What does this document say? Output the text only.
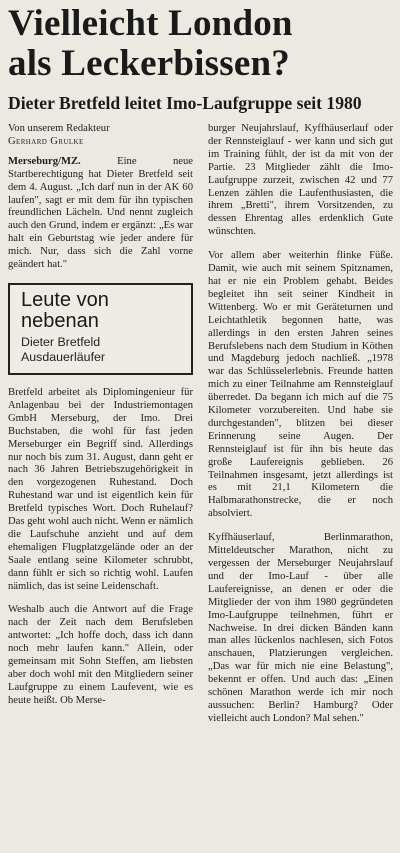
Vielleicht London
als Leckerbissen?
Dieter Bretfeld leitet Imo-Laufgruppe seit 1980
Von unserem Redakteur
Gerhard Grulke

Merseburg/MZ. Eine neue Startberechtigung hat Dieter Bretfeld seit dem 4. August. „Ich darf nun in der AK 60 laufen", sagt er mit dem für ihn typischen freundlichen Lächeln. Und nennt zugleich auch den Grund, indem er ergänzt: „Es war halt ein Geburtstag wie jeder andere für mich. Nur, dass sich die Zahl vorne geändert hat."

Leute von
nebenan
Dieter Bretfeld
Ausdauerläufer

Bretfeld arbeitet als Diplomingenieur für Anlagenbau bei der Industriemontagen GmbH Merseburg, der Imo. Drei Buchstaben, die wohl für fast jeden Merseburger ein Begriff sind. Allerdings nur noch bis zum 31. August, dann geht er nach 36 Jahren Betriebszugehörigkeit in den vorgezogenen Ruhestand. Doch Ruhestand war und ist eigentlich kein für Bretfeld typisches Wort. Doch Ruhelauf? Das geht wohl auch nicht. Wenn er nämlich die Laufschuhe anzieht und auf dem ehemaligen Flugplatzgelände oder an der Saale entlang seine Kilometer schrubbt, dann fühlt er sich so richtig wohl. Laufen nämlich, das ist seine Leidenschaft.

Weshalb auch die Antwort auf die Frage nach der Zeit nach dem Berufsleben antwortet: „Ich hoffe doch, dass ich dann noch mehr laufen kann." Allein, oder gemeinsam mit Sohn Steffen, am liebsten aber doch wohl mit den Mitgliedern seiner Laufgruppe zu einem Laufevent, wie es heute heißt. Ob Merse-

burger Neujahrslauf, Kyffhäuserlauf oder der Rennsteiglauf - wer kann und sich gut im Training fühlt, der ist da mit von der Partie. 23 Mitglieder zählt die Imo-Laufgruppe zurzeit, zwischen 42 und 77 Lenzen zählen die Laufenthusiasten, die ihrem „Bretti", ihrem Vorsitzenden, zu dessen Ehrentag alles erdenklich Gute wünschten.

Vor allem aber weiterhin flinke Füße. Damit, wie auch mit seinem Spitznamen, hat er nie ein Problem gehabt. Beides begleitet ihn seit seiner Kindheit in Wittenberg. Wo er mit Geräteturnen und Leichtathletik begonnen hatte, was allerdings in den ersten Jahren seines Berufslebens nach dem Studium in Köthen und Magdeburg jedoch nachließ. „1978 war das Schlüsselerlebnis. Freunde hatten mich zu einer Teilnahme am Rennsteiglauf überredet. Da begann ich mich auf die 75 Kilometer vorzubereiten. Und habe sie durchgestanden", blitzen bei dieser Erinnerung seine Augen. Der Rennsteiglauf ist für ihn bis heute das große Laufereignis geblieben. 26 Teilnahmen insgesamt, jetzt allerdings ist es mit 21,1 Kilometern die Halbmarathonstrecke, die er noch absolviert.

Kyffhäuserlauf, Berlinmarathon, Mitteldeutscher Marathon, nicht zu vergessen der Merseburger Neujahrslauf und der Imo-Lauf - über alle Laufereignisse, an denen er oder die Mitglieder der von ihm 1980 gegründeten Imo-Laufgruppe teilnehmen, führt er Nachweise. In drei dicken Bänden kann man alles lückenlos nachlesen, sich Fotos anschauen, Platzierungen vergleichen. „Das war für mich nie eine Belastung", bekennt er offen. Und auch das: „Einen schönen Marathon werde ich mir noch aussuchen: Berlin? Hamburg? Oder vielleicht auch London? Mal sehen."
